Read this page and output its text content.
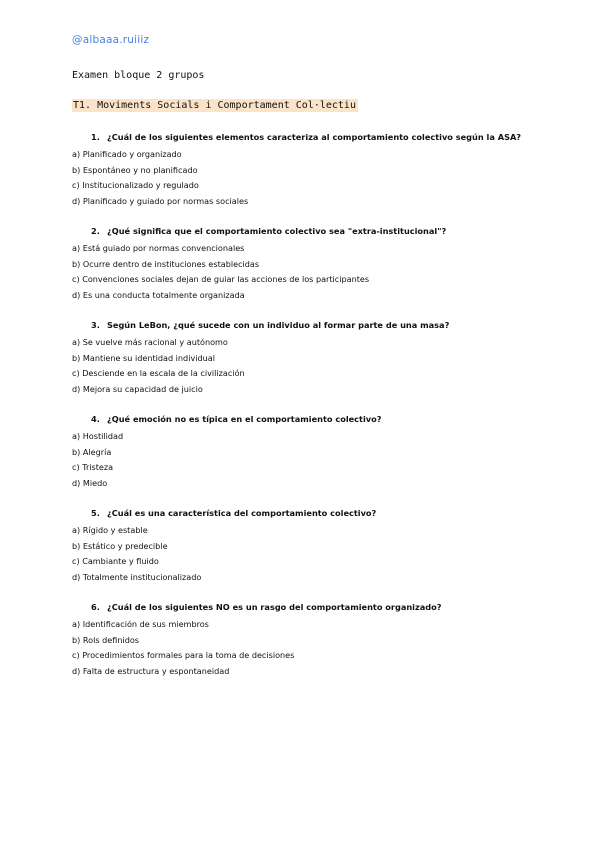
@albaaa.ruiiiz
Examen bloque 2 grupos
T1. Moviments Socials i Comportament Col·lectiu
1. ¿Cuál de los siguientes elementos caracteriza al comportamiento colectivo según la ASA?
a) Planificado y organizado
b) Espontáneo y no planificado
c) Institucionalizado y regulado
d) Planificado y guiado por normas sociales
2. ¿Qué significa que el comportamiento colectivo sea "extra-institucional"?
a) Está guiado por normas convencionales
b) Ocurre dentro de instituciones establecidas
c) Convenciones sociales dejan de guiar las acciones de los participantes
d) Es una conducta totalmente organizada
3. Según LeBon, ¿qué sucede con un individuo al formar parte de una masa?
a) Se vuelve más racional y autónomo
b) Mantiene su identidad individual
c) Desciende en la escala de la civilización
d) Mejora su capacidad de juicio
4. ¿Qué emoción no es típica en el comportamiento colectivo?
a) Hostilidad
b) Alegría
c) Tristeza
d) Miedo
5. ¿Cuál es una característica del comportamiento colectivo?
a) Rígido y estable
b) Estático y predecible
c) Cambiante y fluido
d) Totalmente institucionalizado
6. ¿Cuál de los siguientes NO es un rasgo del comportamiento organizado?
a) Identificación de sus miembros
b) Rols definidos
c) Procedimientos formales para la toma de decisiones
d) Falta de estructura y espontaneidad
